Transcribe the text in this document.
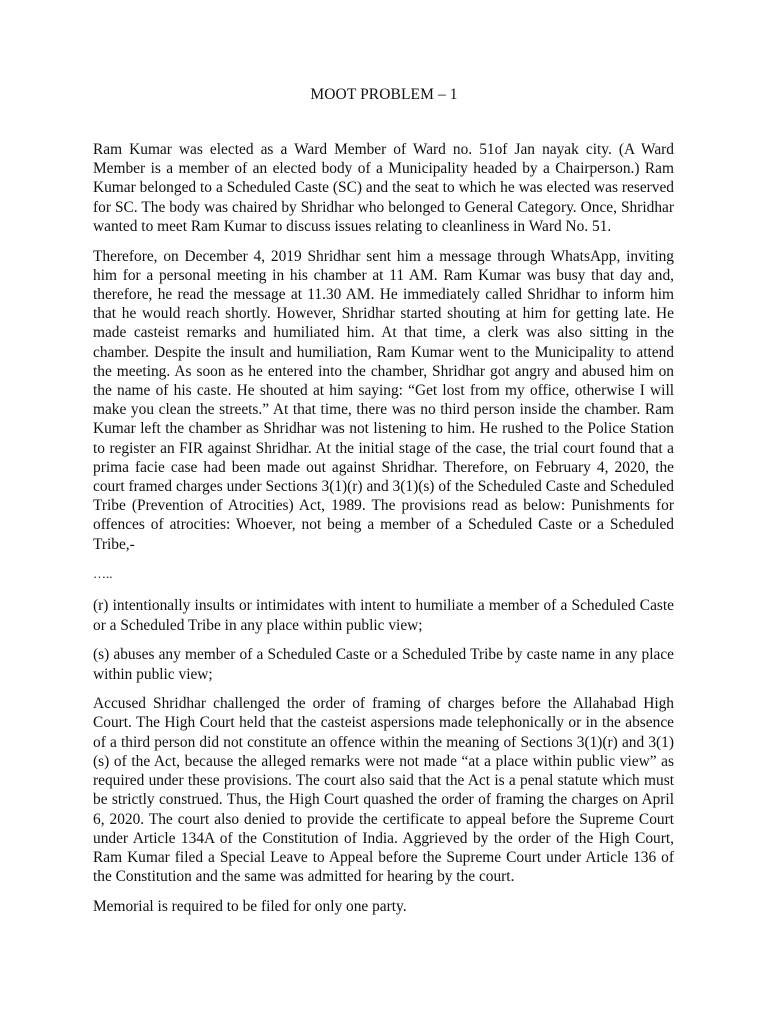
MOOT PROBLEM – 1

Ram Kumar was elected as a Ward Member of Ward no. 51of Jan nayak city. (A Ward Member is a member of an elected body of a Municipality headed by a Chairperson.) Ram Kumar belonged to a Scheduled Caste (SC) and the seat to which he was elected was reserved for SC. The body was chaired by Shridhar who belonged to General Category. Once, Shridhar wanted to meet Ram Kumar to discuss issues relating to cleanliness in Ward No. 51.

Therefore, on December 4, 2019 Shridhar sent him a message through WhatsApp, inviting him for a personal meeting in his chamber at 11 AM. Ram Kumar was busy that day and, therefore, he read the message at 11.30 AM. He immediately called Shridhar to inform him that he would reach shortly. However, Shridhar started shouting at him for getting late. He made casteist remarks and humiliated him. At that time, a clerk was also sitting in the chamber. Despite the insult and humiliation, Ram Kumar went to the Municipality to attend the meeting. As soon as he entered into the chamber, Shridhar got angry and abused him on the name of his caste. He shouted at him saying: “Get lost from my office, otherwise I will make you clean the streets.” At that time, there was no third person inside the chamber. Ram Kumar left the chamber as Shridhar was not listening to him. He rushed to the Police Station to register an FIR against Shridhar. At the initial stage of the case, the trial court found that a prima facie case had been made out against Shridhar. Therefore, on February 4, 2020, the court framed charges under Sections 3(1)(r) and 3(1)(s) of the Scheduled Caste and Scheduled Tribe (Prevention of Atrocities) Act, 1989. The provisions read as below: Punishments for offences of atrocities: Whoever, not being a member of a Scheduled Caste or a Scheduled Tribe,-

…..

(r) intentionally insults or intimidates with intent to humiliate a member of a Scheduled Caste or a Scheduled Tribe in any place within public view;

(s) abuses any member of a Scheduled Caste or a Scheduled Tribe by caste name in any place within public view;

Accused Shridhar challenged the order of framing of charges before the Allahabad High Court. The High Court held that the casteist aspersions made telephonically or in the absence of a third person did not constitute an offence within the meaning of Sections 3(1)(r) and 3(1)(s) of the Act, because the alleged remarks were not made “at a place within public view” as required under these provisions. The court also said that the Act is a penal statute which must be strictly construed. Thus, the High Court quashed the order of framing the charges on April 6, 2020. The court also denied to provide the certificate to appeal before the Supreme Court under Article 134A of the Constitution of India. Aggrieved by the order of the High Court, Ram Kumar filed a Special Leave to Appeal before the Supreme Court under Article 136 of the Constitution and the same was admitted for hearing by the court.

Memorial is required to be filed for only one party.
